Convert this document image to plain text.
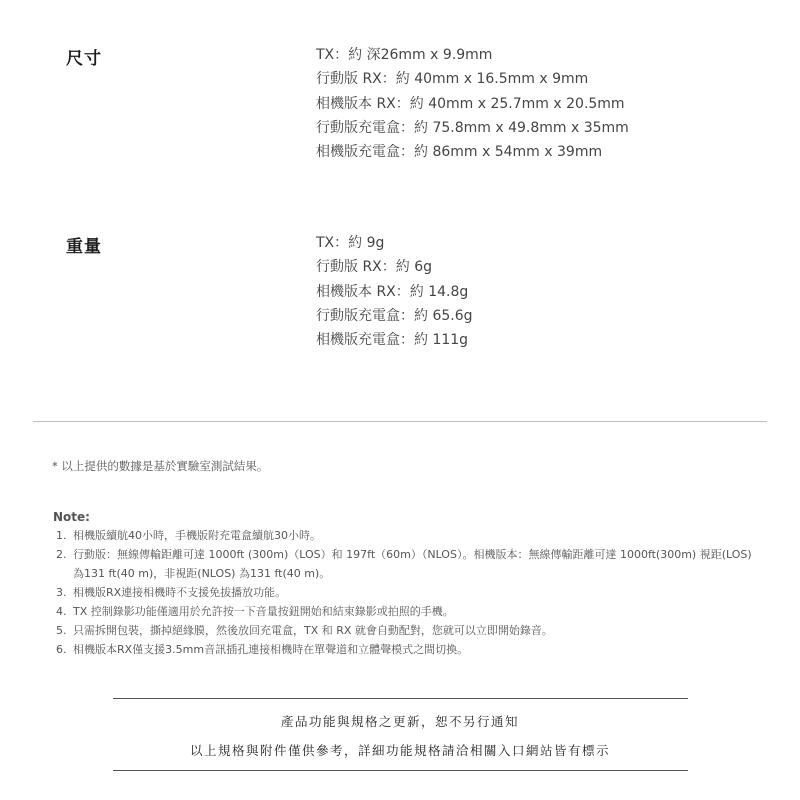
尺寸	TX：約 深26mm x 9.9mm
行動版 RX：約 40mm x 16.5mm x 9mm
相機版本 RX：約 40mm x 25.7mm x 20.5mm
行動版充電盒：約 75.8mm x 49.8mm x 35mm
相機版充電盒：約 86mm x 54mm x 39mm
重量	TX：約 9g
行動版 RX：約 6g
相機版本 RX：約 14.8g
行動版充電盒：約 65.6g
相機版充電盒：約 111g
* 以上提供的數據是基於實驗室測試結果。
Note:
1. 相機版續航40小時，手機版附充電盒續航30小時。
2. 行動版：無線傳輸距離可達 1000ft (300m)（LOS）和 197ft（60m）（NLOS）。相機版本：無線傳輸距離可達 1000ft(300m) 視距(LOS) 為131 ft(40 m)，非視距(NLOS) 為131 ft(40 m)。
3. 相機版RX連接相機時不支援免拔播放功能。
4. TX 控制錄影功能僅適用於允許按一下音量按鈕開始和結束錄影或拍照的手機。
5. 只需拆開包裝，撕掉絕緣膜，然後放回充電盒，TX 和 RX 就會自動配對，您就可以立即開始錄音。
6. 相機版本RX僅支援3.5mm音訊插孔連接相機時在單聲道和立體聲模式之間切換。
產品功能與規格之更新，恕不另行通知
以上規格與附件僅供參考，詳細功能規格請洽相關入口網站皆有標示
